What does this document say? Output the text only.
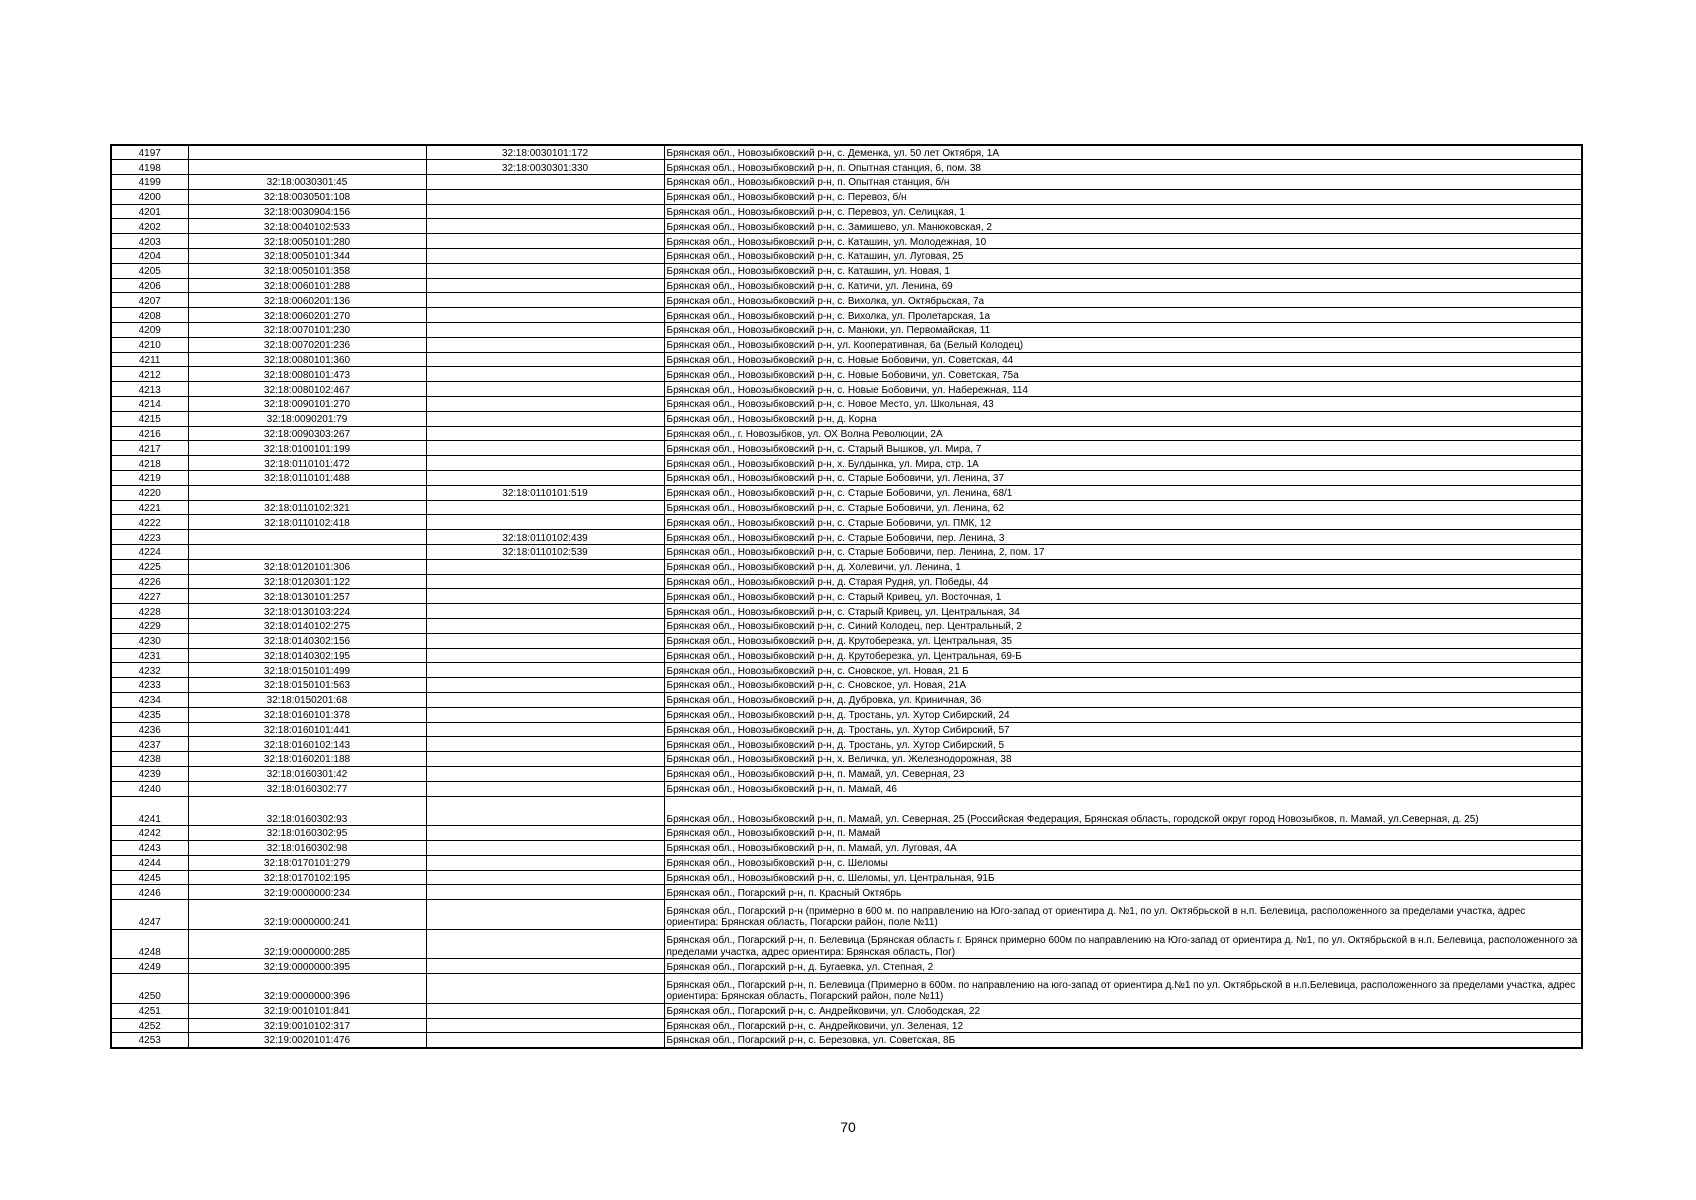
4197		32:18:0030101:172	Брянская обл., Новозыбковский р-н, с. Деменка, ул. 50 лет Октября, 1А
4198		32:18:0030301:330	Брянская обл., Новозыбковский р-н, п. Опытная станция, 6, пом. 38
4199	32:18:0030301:45		Брянская обл., Новозыбковский р-н, п. Опытная станция, б/н
4200	32:18:0030501:108		Брянская обл., Новозыбковский р-н, с. Перевоз, б/н
4201	32:18:0030904:156		Брянская обл., Новозыбковский р-н, с. Перевоз, ул. Селицкая, 1
4202	32:18:0040102:533		Брянская обл., Новозыбковский р-н, с. Замишево, ул. Манюковская, 2
4203	32:18:0050101:280		Брянская обл., Новозыбковский р-н, с. Каташин, ул. Молодежная, 10
4204	32:18:0050101:344		Брянская обл., Новозыбковский р-н, с. Каташин, ул. Луговая, 25
4205	32:18:0050101:358		Брянская обл., Новозыбковский р-н, с. Каташин, ул. Новая, 1
4206	32:18:0060101:288		Брянская обл., Новозыбковский р-н, с. Катичи, ул. Ленина, 69
4207	32:18:0060201:136		Брянская обл., Новозыбковский р-н, с. Вихолка, ул. Октябрьская, 7а
4208	32:18:0060201:270		Брянская обл., Новозыбковский р-н, с. Вихолка, ул. Пролетарская, 1а
4209	32:18:0070101:230		Брянская обл., Новозыбковский р-н, с. Манюки, ул. Первомайская, 11
4210	32:18:0070201:236		Брянская обл., Новозыбковский р-н, ул. Кооперативная, 6а (Белый Колодец)
4211	32:18:0080101:360		Брянская обл., Новозыбковский р-н, с. Новые Бобовичи, ул. Советская, 44
4212	32:18:0080101:473		Брянская обл., Новозыбковский р-н, с. Новые Бобовичи, ул. Советская, 75а
4213	32:18:0080102:467		Брянская обл., Новозыбковский р-н, с. Новые Бобовичи, ул. Набережная, 114
4214	32:18:0090101:270		Брянская обл., Новозыбковский р-н, с. Новое Место, ул. Школьная, 43
4215	32:18:0090201:79		Брянская обл., Новозыбковский р-н, д. Корна
4216	32:18:0090303:267		Брянская обл., г. Новозыбков, ул. ОХ Волна Революции, 2А
4217	32:18:0100101:199		Брянская обл., Новозыбковский р-н, с. Старый Вышков, ул. Мира, 7
4218	32:18:0110101:472		Брянская обл., Новозыбковский р-н, х. Булдынка, ул. Мира, стр. 1А
4219	32:18:0110101:488		Брянская обл., Новозыбковский р-н, с. Старые Бобовичи, ул. Ленина, 37
4220		32:18:0110101:519	Брянская обл., Новозыбковский р-н, с. Старые Бобовичи, ул. Ленина, 68/1
4221	32:18:0110102:321		Брянская обл., Новозыбковский р-н, с. Старые Бобовичи, ул. Ленина, 62
4222	32:18:0110102:418		Брянская обл., Новозыбковский р-н, с. Старые Бобовичи, ул. ПМК, 12
4223		32:18:0110102:439	Брянская обл., Новозыбковский р-н, с. Старые Бобовичи, пер. Ленина, 3
4224		32:18:0110102:539	Брянская обл., Новозыбковский р-н, с. Старые Бобовичи, пер. Ленина, 2, пом. 17
4225	32:18:0120101:306		Брянская обл., Новозыбковский р-н, д. Холевичи, ул. Ленина, 1
4226	32:18:0120301:122		Брянская обл., Новозыбковский р-н, д. Старая Рудня, ул. Победы, 44
4227	32:18:0130101:257		Брянская обл., Новозыбковский р-н, с. Старый Кривец, ул. Восточная, 1
4228	32:18:0130103:224		Брянская обл., Новозыбковский р-н, с. Старый Кривец, ул. Центральная, 34
4229	32:18:0140102:275		Брянская обл., Новозыбковский р-н, с. Синий Колодец, пер. Центральный, 2
4230	32:18:0140302:156		Брянская обл., Новозыбковский р-н, д. Крутоберезка, ул. Центральная, 35
4231	32:18:0140302:195		Брянская обл., Новозыбковский р-н, д. Крутоберезка, ул. Центральная, 69-Б
4232	32:18:0150101:499		Брянская обл., Новозыбковский р-н, с. Сновское, ул. Новая, 21 Б
4233	32:18:0150101:563		Брянская обл., Новозыбковский р-н, с. Сновское, ул. Новая, 21А
4234	32:18:0150201:68		Брянская обл., Новозыбковский р-н, д. Дубровка, ул. Криничная, 36
4235	32:18:0160101:378		Брянская обл., Новозыбковский р-н, д. Тростань, ул. Хутор Сибирский, 24
4236	32:18:0160101:441		Брянская обл., Новозыбковский р-н, д. Тростань, ул. Хутор Сибирский, 57
4237	32:18:0160102:143		Брянская обл., Новозыбковский р-н, д. Тростань, ул. Хутор Сибирский, 5
4238	32:18:0160201:188		Брянская обл., Новозыбковский р-н, х. Величка, ул. Железнодорожная, 38
4239	32:18:0160301:42		Брянская обл., Новозыбковский р-н, п. Мамай, ул. Северная, 23
4240	32:18:0160302:77		Брянская обл., Новозыбковский р-н, п. Мамай, 46
4241	32:18:0160302:93		Брянская обл., Новозыбковский р-н, п. Мамай, ул. Северная, 25 (Российская Федерация, Брянская область, городской округ город Новозыбков, п. Мамай, ул.Северная, д. 25)
4242	32:18:0160302:95		Брянская обл., Новозыбковский р-н, п. Мамай
4243	32:18:0160302:98		Брянская обл., Новозыбковский р-н, п. Мамай, ул. Луговая, 4А
4244	32:18:0170101:279		Брянская обл., Новозыбковский р-н, с. Шеломы
4245	32:18:0170102:195		Брянская обл., Новозыбковский р-н, с. Шеломы, ул. Центральная, 91Б
4246	32:19:0000000:234		Брянская обл., Погарский р-н, п. Красный Октябрь
4247	32:19:0000000:241		Брянская обл., Погарский р-н (примерно в 600 м. по направлению на Юго-запад от ориентира д. №1, по ул. Октябрьской в н.п. Белевица, расположенного за пределами участка, адрес ориентира: Брянская область, Погарски район, поле №11)
4248	32:19:0000000:285		Брянская обл., Погарский р-н, п. Белевица (Брянская область г. Брянск примерно 600м по направлению на Юго-запад от ориентира д. №1, по ул. Октябрьской в н.п. Белевица, расположенного за пределами участка, адрес ориентира: Брянская область, Пог)
4249	32:19:0000000:395		Брянская обл., Погарский р-н, д. Бугаевка, ул. Степная, 2
4250	32:19:0000000:396		Брянская обл., Погарский р-н, п. Белевица (Примерно в 600м. по направлению на юго-запад от ориентира д.№1 по ул. Октябрьской в н.п.Белевица, расположенного за пределами участка, адрес ориентира: Брянская область, Погарский район, поле №11)
4251	32:19:0010101:841		Брянская обл., Погарский р-н, с. Андрейковичи, ул. Слободская, 22
4252	32:19:0010102:317		Брянская обл., Погарский р-н, с. Андрейковичи, ул. Зеленая, 12
4253	32:19:0020101:476		Брянская обл., Погарский р-н, с. Березовка, ул. Советская, 8Б
70
